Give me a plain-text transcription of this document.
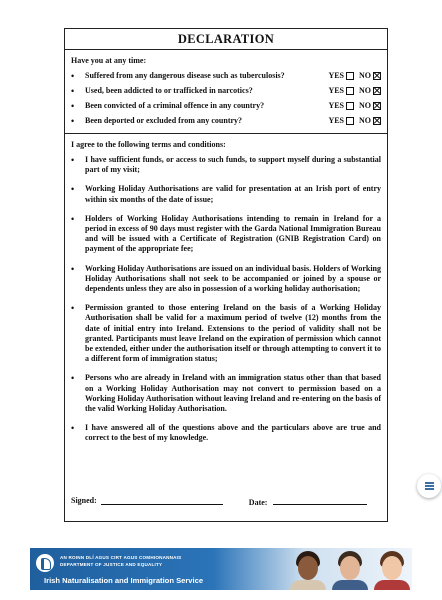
DECLARATION
Have you at any time:
•	Suffered from any dangerous disease such as tuberculosis?	YES NO
•	Used, been addicted to or trafficked in narcotics?	YES NO
•	Been convicted of a criminal offence in any country?	YES NO
•	Been deported or excluded from any country?	YES NO
I agree to the following terms and conditions:
•	I have sufficient funds, or access to such funds, to support myself during a substantial part of my visit;
•	Working Holiday Authorisations are valid for presentation at an Irish port of entry within six months of the date of issue;
•	Holders of Working Holiday Authorisations intending to remain in Ireland for a period in excess of 90 days must register with the Garda National Immigration Bureau and will be issued with a Certificate of Registration (GNIB Registration Card) on payment of the appropriate fee;
•	Working Holiday Authorisations are issued on an individual basis. Holders of Working Holiday Authorisations shall not seek to be accompanied or joined by a spouse or dependents unless they are also in possession of a working holiday authorisation;
•	Permission granted to those entering Ireland on the basis of a Working Holiday Authorisation shall be valid for a maximum period of twelve (12) months from the date of initial entry into Ireland. Extensions to the period of validity shall not be granted. Participants must leave Ireland on the expiration of permission which cannot be extended, either under the authorisation itself or through attempting to convert it to a different form of immigration status;
•	Persons who are already in Ireland with an immigration status other than that based on a Working Holiday Authorisation may not convert to permission based on a Working Holiday Authorisation without leaving Ireland and re-entering on the basis of the valid Working Holiday Authorisation.
•	I have answered all of the questions above and the particulars above are true and correct to the best of my knowledge.
Signed:	Date:
AN ROINN DLÍ AGUS CIRT AGUS COMHIONANNAIS
DEPARTMENT OF JUSTICE AND EQUALITY
Irish Naturalisation and Immigration Service
